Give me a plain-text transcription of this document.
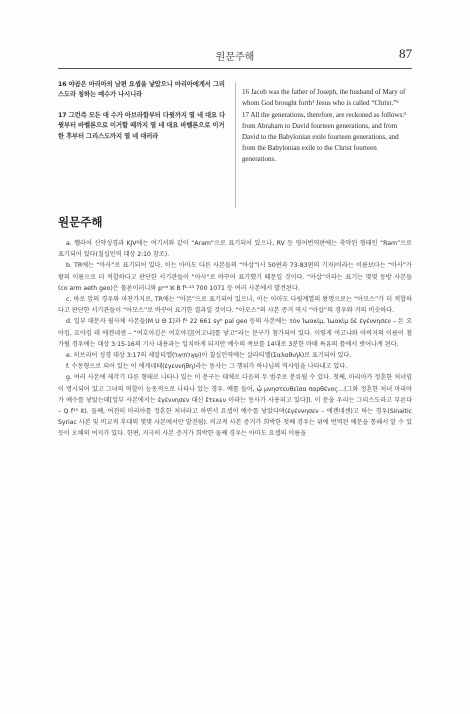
원문주해	87

16 야곱은 마리아의 남편 요셉을 낳았으니 마리아에게서 그리스도라 칭하는 예수가 나시니라

17 그런즉 모든 대 수가 아브라함부터 다윗까지 열 네 대요 다윗부터 바벨론으로 이거할 때까지 열 네 대요 바벨론으로 이거한 후부터 그리스도까지 열 네 대러라

16 Jacob was the father of Joseph, the husband of Mary of whom God brought forth¹ Jesus who is called “Christ.”⁶

17 All the generations, therefore, are reckoned as follows:⁵ from Abraham to David fourteen generations, and from David to the Babylonian exile fourteen generations, and from the Babylonian exile to the Christ fourteen generations.

원문주해

a. 헬라어 신약성경과 KJV에는 여기서와 같이 “Aram”으로 표기되어 있으나, RV 등 영어번역판에는 축약된 형태인 “Ram”으로 표기되어 있다(칠십인역 대상 2:10 참조).

b. TR에는 “아사”로 표기되어 있다. 이는 아마도 다른 사본들의 “아삽”(시 50편과 73-83편의 기자)이라는 이름보다는 “아사”가 왕의 이름으로 더 적합하다고 판단한 서기관들이 “아사”로 바꾸어 표기했기 때문일 것이다. “아삽”이라는 표기는 몇몇 동방 사본들(co arm aeth geo)은 물론이러니와 pᵛⁱᵈ ℵ B f¹·¹³ 700 1071 등 여러 사본에서 발견된다.

c. 바로 앞의 경우와 마찬가지로, TR에는 “아몬”으로 표기되어 있으나, 이는 아마도 다윗계열의 왕명으로는 “아모스”가 더 적합하다고 판단한 서기관들이 “아모스”로 바꾸어 표기한 결과일 것이다. “아모스”의 사본 증거 역시 “아삽”의 경우와 거의 비슷하다.

d. 일부 대문자 필사체 사본들(M U Θ Σ)과 f¹ 22 661 syʰ pal geo 등의 사본에는 τὸν Ἰωακίμ, Ἰωακὶμ δὲ ἐγέννησεν – 돈 요아킴, 요아킴 데 에겐네센 – “여호아김은 여호야김[여고냐]를 낳고”라는 문구가 첨가되어 있다. 이렇게 여고냐와 아버지의 이름이 첨가될 경우에는 대상 3:15-16의 기사 내용과는 일치하게 되지만 예수의 족보를 14대로 3분한 마태 특유의 틀에서 벗어나게 된다.

e. 히브리어 성경 대상 3:17의 세알티엘(שְׁאַלְתִּיאֵל)이 칠십인역에는 살라티엘(Σαλαθιήλ)로 표기되어 있다.

f. 수동형으로 되어 있는 이 에게네테(ἐγεννήθη)라는 동사는 그 행위가 하나님의 역사임을 나타내고 있다.

g. 여러 사본에 제각기 다른 형태로 나타나 있는 이 문구는 대체로 다음의 두 범주로 분류될 수 있다. 첫째, 마리아가 정혼한 처녀임이 명시되어 있고 그녀의 역할이 능동적으로 나타나 있는 경우. 예를 들어, ᾧ μνηστευθεῖσα παρθένος…(그와 정혼한 처녀 마리아가 예수를 낳았는데[일부 사본에서는 ἐγέννησεν 대신 ἔτεκεν 이라는 동사가 사용되고 있다]). 이 문을 우리는 그리스도라고 부른다 – Q f¹³ it). 둘째, 여전히 마리아를 정혼한 처녀라고 하면서 요셉이 예수를 낳았다며(ἐγέννησεν – 에겐네센)고 하는 경우(Sinaitic Syriac 사본 및 비교적 후대의 몇몇 사본에서만 발견됨). 비교적 사본 증거가 희박한 첫째 경우는 위에 번역된 예문을 통해서 알 수 있듯이 오해의 여지가 있다. 한편, 지극히 사본 증거가 희박한 둘째 경우는 아마도 요셉의 이름을
